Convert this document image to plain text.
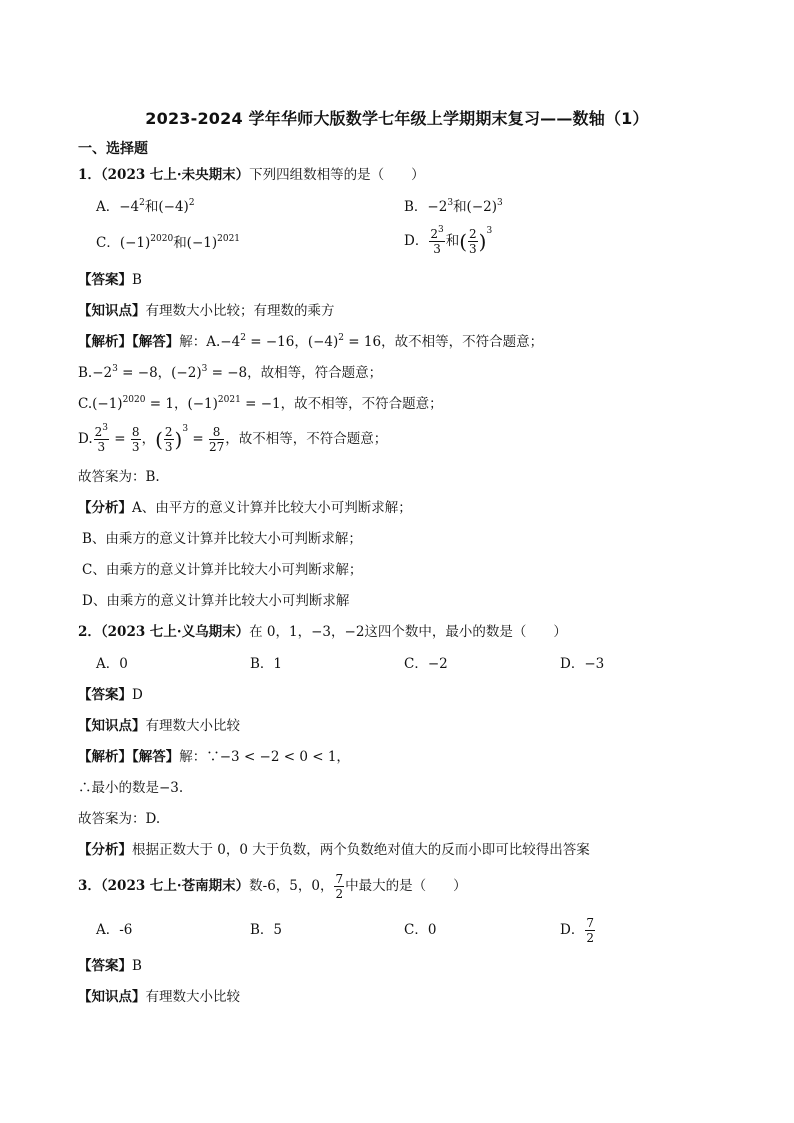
2023-2024 学年华师大版数学七年级上学期期末复习——数轴（1）
一、选择题
1．（2023 七上·未央期末）下列四组数相等的是（　　）
A．$-4^2$和$(-4)^2$	B．$-2^3$和$(-2)^3$
C．$(-1)^{2020}$和$(-1)^{2021}$	D． $\frac{2^3}{3}$ 和( $\frac{2}{3} )^3$
【答案】B
【知识点】有理数大小比较；有理数的乘方
【解析】【解答】解：$A.-4^2 = -16$，$(-4)^2 = 16$，故不相等，不符合题意；
$B.-2^3 = -8$，$(-2)^3 = -8$，故相等，符合题意；
$C.(-1)^{2020} = 1$，$(-1)^{2021} = -1$，故不相等，不符合题意；
D. $\frac{2^3}{3} = \frac{8}{3}$ ，( $\frac{2}{3} )^3 = \frac{8}{27}$ ，故不相等，不符合题意；
故答案为：B.
【分析】A、由平方的意义计算并比较大小可判断求解；
B、由乘方的意义计算并比较大小可判断求解；
C、由乘方的意义计算并比较大小可判断求解；
D、由乘方的意义计算并比较大小可判断求解
2．（2023 七上·义乌期末）在 0，1，−3，−2这四个数中，最小的数是（　　）
A．0	B．1	C．−2	D．−3
【答案】D
【知识点】有理数大小比较
【解析】【解答】解：∵−3 < −2 < 0 < 1，
∴最小的数是−3.
故答案为：D.
【分析】根据正数大于 0，0 大于负数，两个负数绝对值大的反而小即可比较得出答案
3．（2023 七上·苍南期末）数-6，5，0， $\frac{7}{2}$ 中最大的是（　　）
A．-6	B．5	C．0	D． $\frac{7}{2}$
【答案】B
【知识点】有理数大小比较
